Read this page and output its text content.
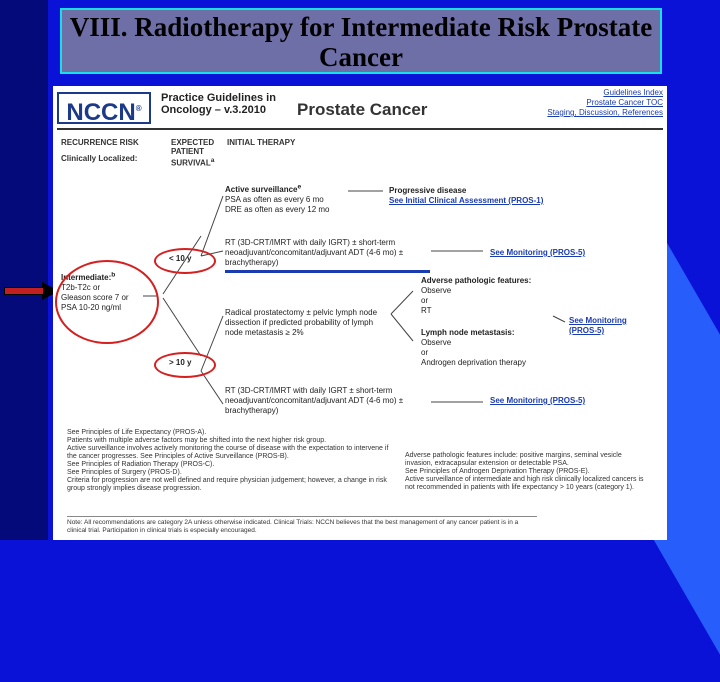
VIII. Radiotherapy for Intermediate Risk Prostate Cancer
NCCN®
Practice Guidelines in Oncology – v.3.2010	Prostate Cancer
Guidelines Index
Prostate Cancer TOC
Staging, Discussion, References
RECURRENCE RISK
Clinically Localized:
EXPECTED PATIENT SURVIVAL$^a$
INITIAL THERAPY
Intermediate:$^b$
T2b-T2c or
Gleason score 7 or
PSA 10-20 ng/ml
< 10 y
> 10 y
Active surveillance$^e$
PSA as often as every 6 mo
DRE as often as every 12 mo
RT (3D-CRT/IMRT with daily IGRT) ± short-term neoadjuvant/concomitant/adjuvant ADT (4-6 mo) ± brachytherapy)
Radical prostatectomy ± pelvic lymph node dissection if predicted probability of lymph node metastasis ≥ 2%
RT (3D-CRT/IMRT with daily IGRT ± short-term neoadjuvant/concomitant/adjuvant ADT (4-6 mo) ± brachytherapy)
Progressive disease
See Initial Clinical Assessment (PROS-1)
See Monitoring (PROS-5)
Adverse pathologic features:
Observe
or
RT
See Monitoring (PROS-5)
Lymph node metastasis:
Observe
or
Androgen deprivation therapy
See Monitoring (PROS-5)
See Principles of Life Expectancy (PROS-A).
Patients with multiple adverse factors may be shifted into the next higher risk group.
Active surveillance involves actively monitoring the course of disease with the expectation to intervene if the cancer progresses. See Principles of Active Surveillance (PROS-B).
See Principles of Radiation Therapy (PROS-C).
See Principles of Surgery (PROS-D).
Criteria for progression are not well defined and require physician judgement; however, a change in risk group strongly implies disease progression.
Adverse pathologic features include: positive margins, seminal vesicle invasion, extracapsular extension or detectable PSA.
See Principles of Androgen Deprivation Therapy (PROS-E).
Active surveillance of intermediate and high risk clinically localized cancers is not recommended in patients with life expectancy > 10 years (category 1).
Note: All recommendations are category 2A unless otherwise indicated. Clinical Trials: NCCN believes that the best management of any cancer patient is in a clinical trial. Participation in clinical trials is especially encouraged.
